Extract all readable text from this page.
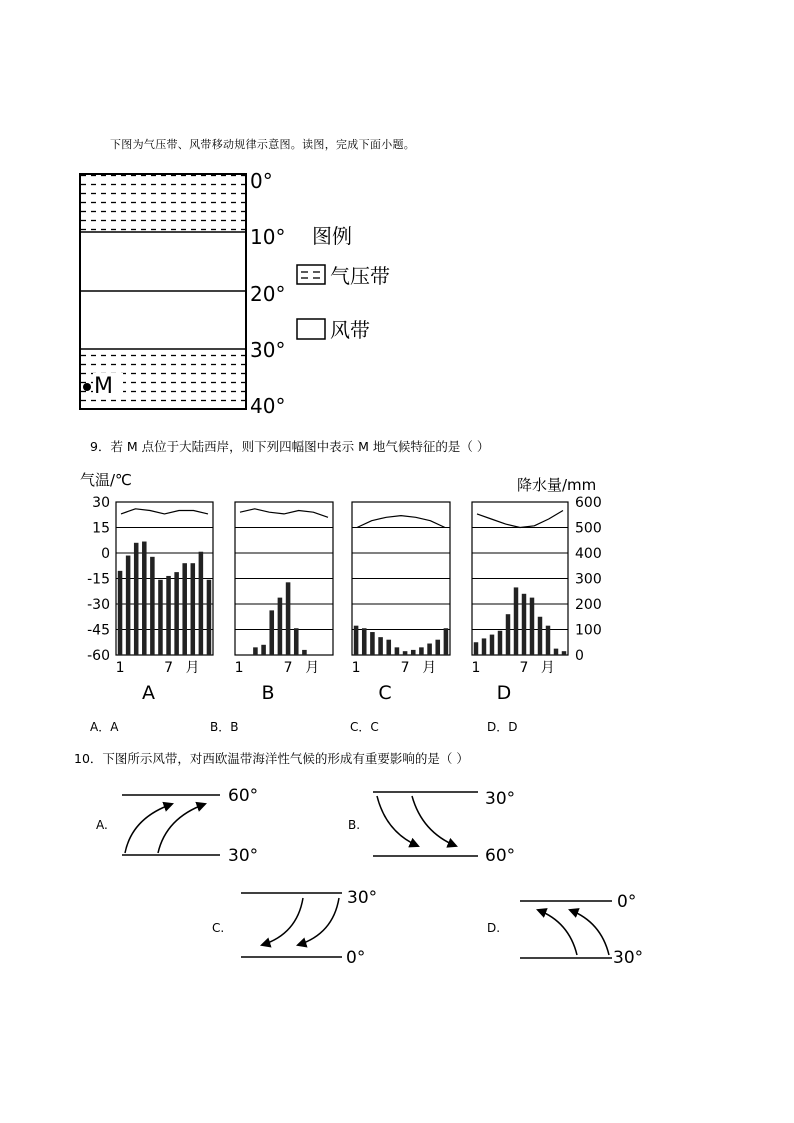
下图为气压带、风带移动规律示意图。读图，完成下面小题。
0°
10°
20°
30°
40°
M
图例
气压带
风带
9．若 M 点位于大陆西岸，则下列四幅图中表示 M 地气候特征的是（ ）
气温/℃	降水量/mm
30
15
0
-15
-30
-45
-60
600
500
400
300
200
100
0
1	7 月
A
1	7 月
B
1	7 月
C
1	7 月
D
A．A	B．B	C．C	D．D
10．下图所示风带，对西欧温带海洋性气候的形成有重要影响的是（ ）
A.
60°
30°
B.
30°
60°
C.
30°
0°
D.
0°
30°
